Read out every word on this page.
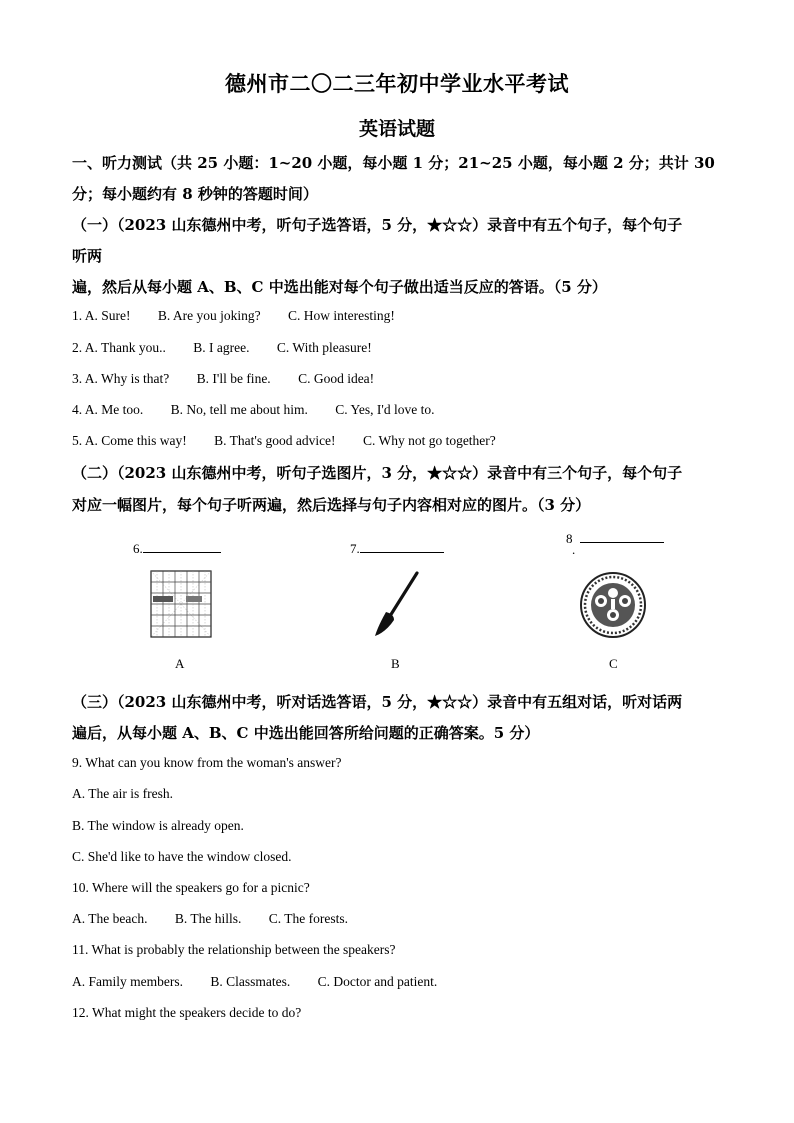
德州市二〇二三年初中学业水平考试
英语试题
一、听力测试（共 25 小题：1~20 小题，每小题 1 分；21~25 小题，每小题 2 分；共计 30
分；每小题约有 8 秒钟的答题时间）
（一）（2023 山东德州中考，听句子选答语，5 分，★☆☆）录音中有五个句子，每个句子
听两
遍，然后从每小题 A、B、C 中选出能对每个句子做出适当反应的答语。（5 分）
1. A. Sure! B. Are you joking? C. How interesting!
2. A. Thank you.. B. I agree. C. With pleasure!
3. A. Why is that? B. I'll be fine. C. Good idea!
4. A. Me too. B. No, tell me about him. C. Yes, I'd love to.
5. A. Come this way! B. That's good advice! C. Why not go together?
（二）（2023 山东德州中考，听句子选图片，3 分，★☆☆）录音中有三个句子，每个句子
对应一幅图片，每个句子听两遍，然后选择与句子内容相对应的图片。（3 分）
6.	7.
8
.
A	B	C
（三）（2023 山东德州中考，听对话选答语，5 分，★☆☆）录音中有五组对话，听对话两
遍后，从每小题 A、B、C 中选出能回答所给问题的正确答案。5 分）
9. What can you know from the woman's answer?
A. The air is fresh.
B. The window is already open.
C. She'd like to have the window closed.
10. Where will the speakers go for a picnic?
A. The beach. B. The hills. C. The forests.
11. What is probably the relationship between the speakers?
A. Family members. B. Classmates. C. Doctor and patient.
12. What might the speakers decide to do?
